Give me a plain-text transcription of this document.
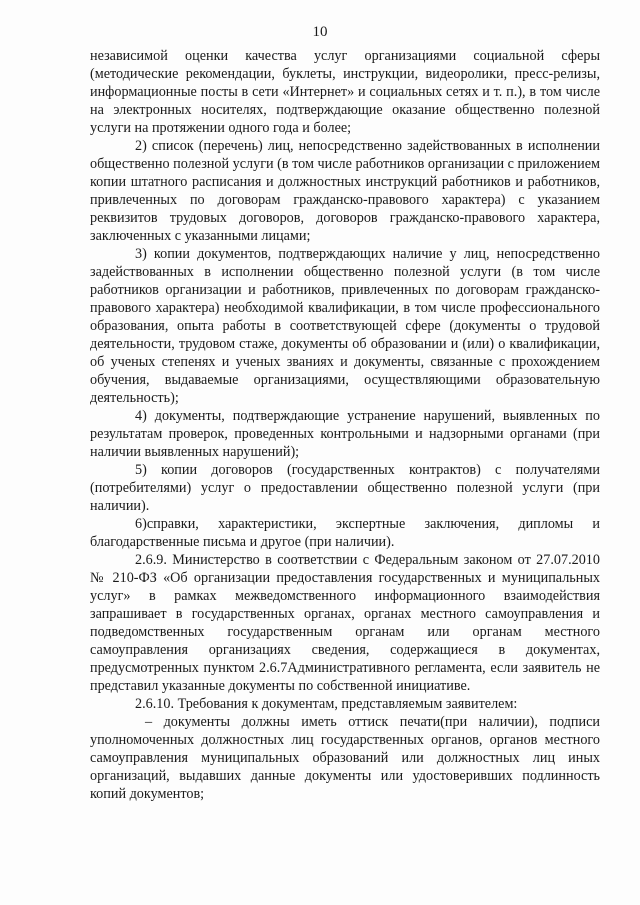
10

независимой оценки качества услуг организациями социальной сферы (методические рекомендации, буклеты, инструкции, видеоролики, пресс-релизы, информационные посты в сети «Интернет» и социальных сетях и т. п.), в том числе на электронных носителях, подтверждающие оказание общественно полезной услуги на протяжении одного года и более;

2) список (перечень) лиц, непосредственно задействованных в исполнении общественно полезной услуги (в том числе работников организации с приложением копии штатного расписания и должностных инструкций работников и работников, привлеченных по договорам гражданско-правового характера) с указанием реквизитов трудовых договоров, договоров гражданско-правового характера, заключенных с указанными лицами;

3) копии документов, подтверждающих наличие у лиц, непосредственно задействованных в исполнении общественно полезной услуги (в том числе работников организации и работников, привлеченных по договорам гражданско-правового характера) необходимой квалификации, в том числе профессионального образования, опыта работы в соответствующей сфере (документы о трудовой деятельности, трудовом стаже, документы об образовании и (или) о квалификации, об ученых степенях и ученых званиях и документы, связанные с прохождением обучения, выдаваемые организациями, осуществляющими образовательную деятельность);

4) документы, подтверждающие устранение нарушений, выявленных по результатам проверок, проведенных контрольными и надзорными органами (при наличии выявленных нарушений);

5) копии договоров (государственных контрактов) с получателями (потребителями) услуг о предоставлении общественно полезной услуги (при наличии).

6)справки, характеристики, экспертные заключения, дипломы и благодарственные письма и другое (при наличии).

2.6.9. Министерство в соответствии с Федеральным законом от 27.07.2010 № 210-ФЗ «Об организации предоставления государственных и муниципальных услуг» в рамках межведомственного информационного взаимодействия запрашивает в государственных органах, органах местного самоуправления и подведомственных государственным органам или органам местного самоуправления организациях сведения, содержащиеся в документах, предусмотренных пунктом 2.6.7Административного регламента, если заявитель не представил указанные документы по собственной инициативе.

2.6.10. Требования к документам, представляемым заявителем:

– документы должны иметь оттиск печати(при наличии), подписи уполномоченных должностных лиц государственных органов, органов местного самоуправления муниципальных образований или должностных лиц иных организаций, выдавших данные документы или удостоверивших подлинность копий документов;
